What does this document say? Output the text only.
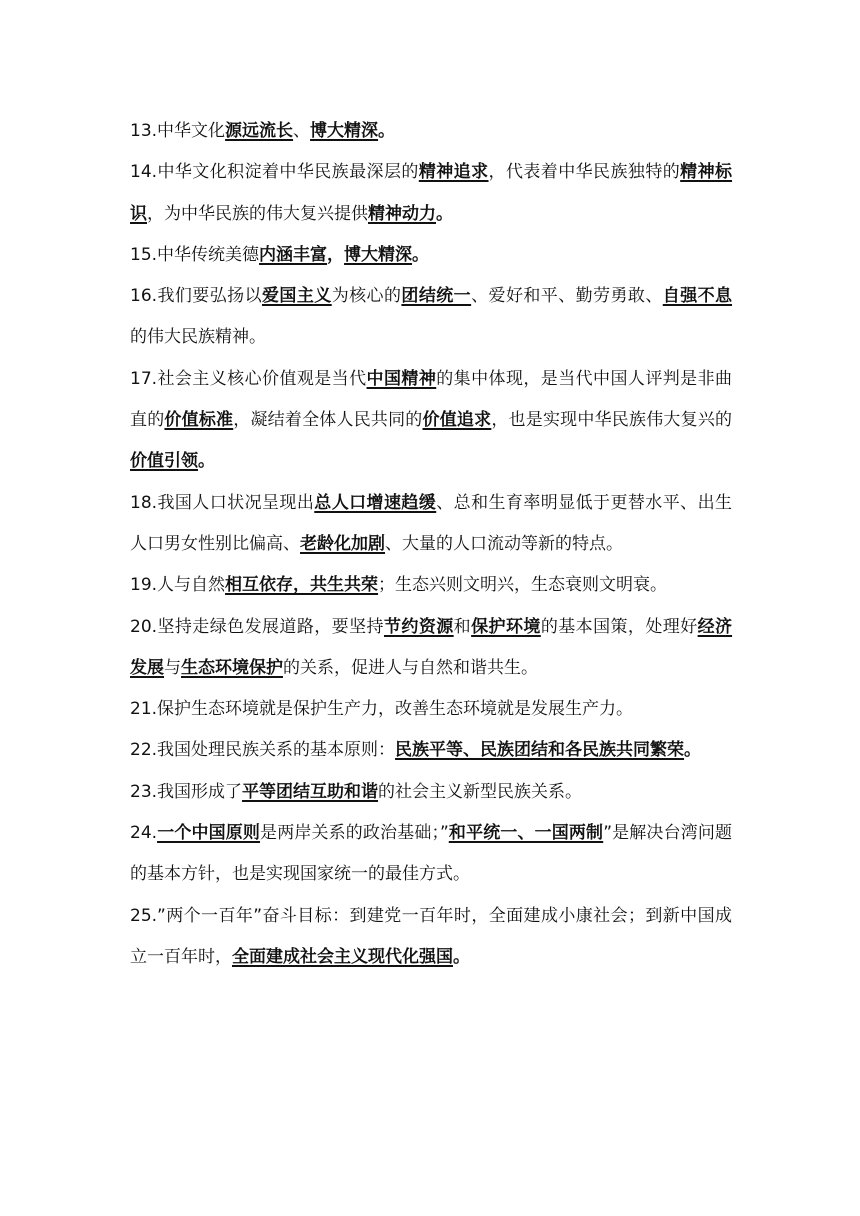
13.中华文化源远流长、博大精深。

14.中华文化积淀着中华民族最深层的精神追求，代表着中华民族独特的精神标识，为中华民族的伟大复兴提供精神动力。

15.中华传统美德内涵丰富，博大精深。

16.我们要弘扬以爱国主义为核心的团结统一、爱好和平、勤劳勇敢、自强不息的伟大民族精神。

17.社会主义核心价值观是当代中国精神的集中体现，是当代中国人评判是非曲直的价值标准，凝结着全体人民共同的价值追求，也是实现中华民族伟大复兴的价值引领。

18.我国人口状况呈现出总人口增速趋缓、总和生育率明显低于更替水平、出生人口男女性别比偏高、老龄化加剧、大量的人口流动等新的特点。

19.人与自然相互依存，共生共荣；生态兴则文明兴，生态衰则文明衰。

20.坚持走绿色发展道路，要坚持节约资源和保护环境的基本国策，处理好经济发展与生态环境保护的关系，促进人与自然和谐共生。

21.保护生态环境就是保护生产力，改善生态环境就是发展生产力。

22.我国处理民族关系的基本原则：民族平等、民族团结和各民族共同繁荣。

23.我国形成了平等团结互助和谐的社会主义新型民族关系。

24.一个中国原则是两岸关系的政治基础；”和平统一、一国两制”是解决台湾问题的基本方针，也是实现国家统一的最佳方式。

25.”两个一百年”奋斗目标：到建党一百年时，全面建成小康社会；到新中国成立一百年时，全面建成社会主义现代化强国。
